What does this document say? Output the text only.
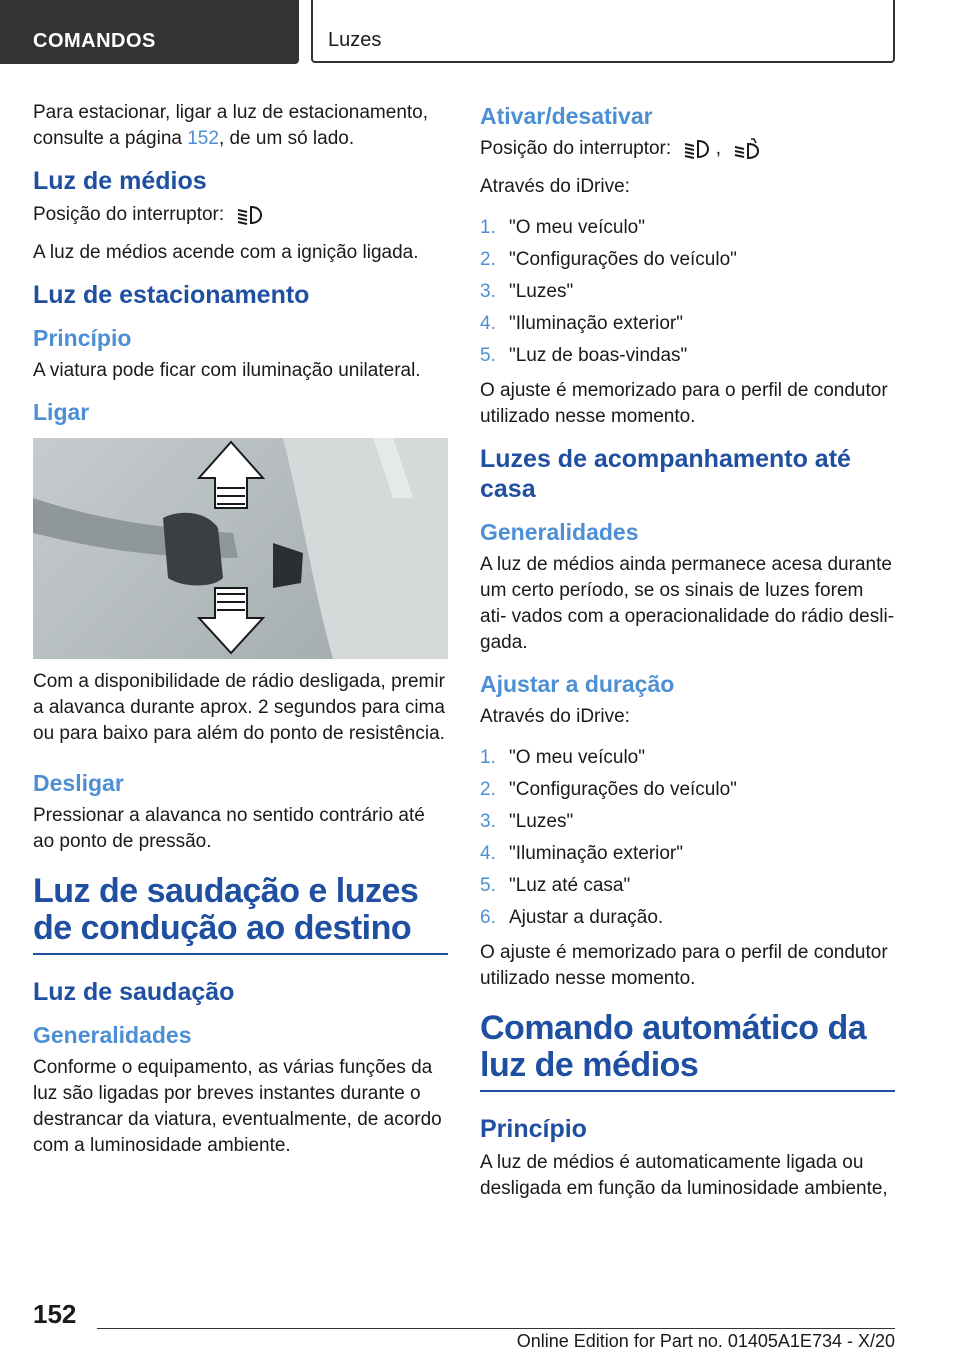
COMANDOS	Luzes

Para estacionar, ligar a luz de estacionamento, consulte a página 152, de um só lado.

Luz de médios

Posição do interruptor:

A luz de médios acende com a ignição ligada.

Luz de estacionamento
Princípio

A viatura pode ficar com iluminação unilateral.

Ligar

Com a disponibilidade de rádio desligada, premir a alavanca durante aprox. 2 segundos para cima ou para baixo para além do ponto de resistência.

Desligar

Pressionar a alavanca no sentido contrário até ao ponto de pressão.

Luz de saudação e luzes de condução ao destino
Luz de saudação
Generalidades

Conforme o equipamento, as várias funções da luz são ligadas por breves instantes durante o destrancar da viatura, eventualmente, de acordo com a luminosidade ambiente.

Ativar/desativar

Posição do interruptor: ,

Através do iDrive:

1. "O meu veículo"
2. "Configurações do veículo"
3. "Luzes"
4. "Iluminação exterior"
5. "Luz de boas-vindas"

O ajuste é memorizado para o perfil de condutor utilizado nesse momento.

Luzes de acompanhamento até casa
Generalidades

A luz de médios ainda permanece acesa durante um certo período, se os sinais de luzes forem ati- vados com a operacionalidade do rádio desli- gada.

Ajustar a duração

Através do iDrive:

1. "O meu veículo"
2. "Configurações do veículo"
3. "Luzes"
4. "Iluminação exterior"
5. "Luz até casa"
6. Ajustar a duração.

O ajuste é memorizado para o perfil de condutor utilizado nesse momento.

Comando automático da luz de médios
Princípio

A luz de médios é automaticamente ligada ou desligada em função da luminosidade ambiente,

152
Online Edition for Part no. 01405A1E734 - X/20
